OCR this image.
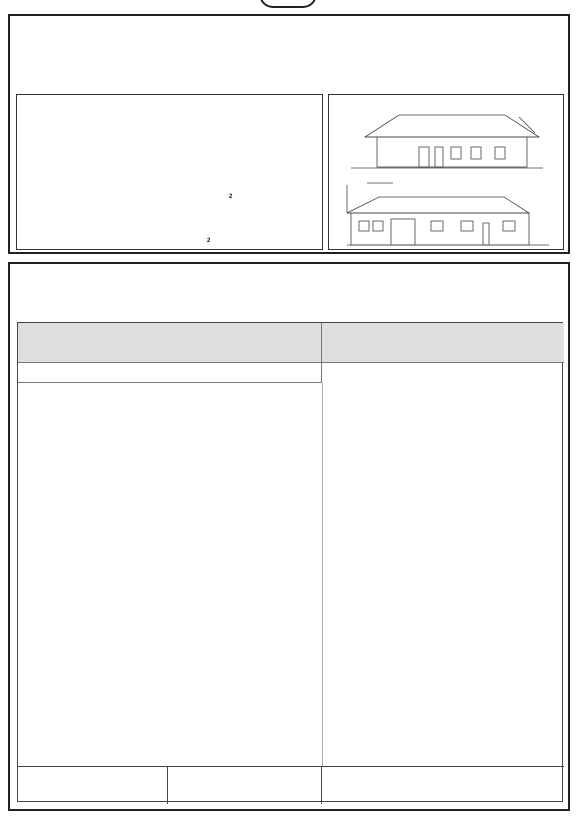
$^2$
$^2$
